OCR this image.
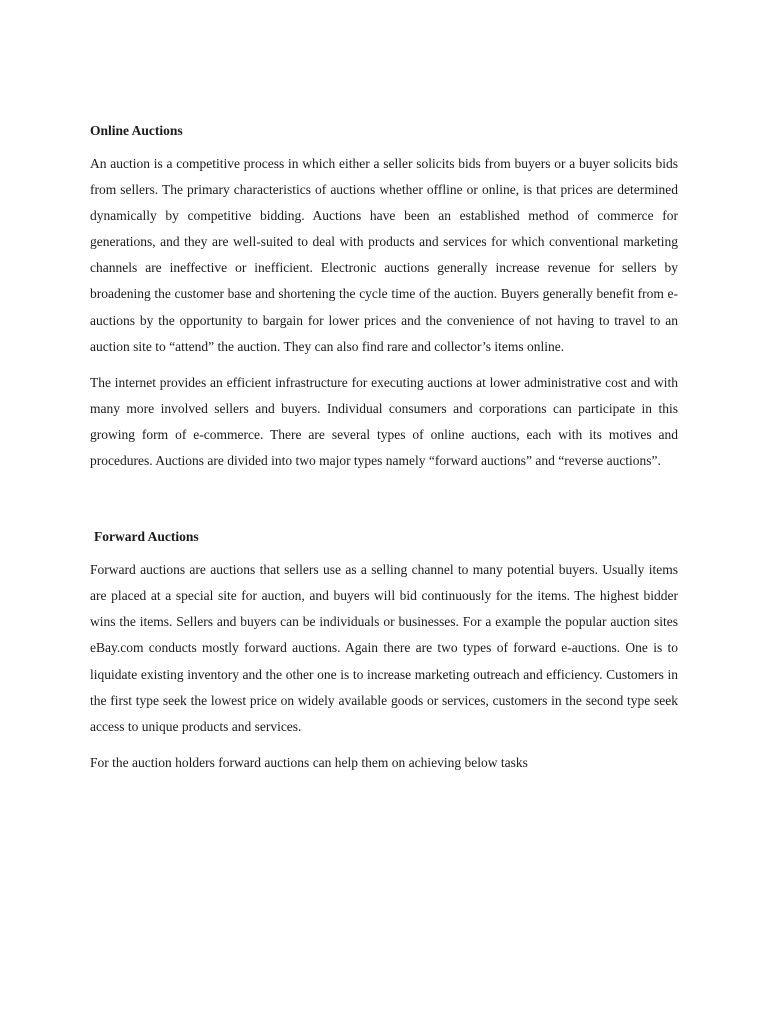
Online Auctions

An auction is a competitive process in which either a seller solicits bids from buyers or a buyer solicits bids from sellers. The primary characteristics of auctions whether offline or online, is that prices are determined dynamically by competitive bidding. Auctions have been an established method of commerce for generations, and they are well-suited to deal with products and services for which conventional marketing channels are ineffective or inefficient. Electronic auctions generally increase revenue for sellers by broadening the customer base and shortening the cycle time of the auction. Buyers generally benefit from e-auctions by the opportunity to bargain for lower prices and the convenience of not having to travel to an auction site to “attend” the auction. They can also find rare and collector’s items online.

The internet provides an efficient infrastructure for executing auctions at lower administrative cost and with many more involved sellers and buyers. Individual consumers and corporations can participate in this growing form of e-commerce. There are several types of online auctions, each with its motives and procedures. Auctions are divided into two major types namely “forward auctions” and “reverse auctions”.

Forward Auctions

Forward auctions are auctions that sellers use as a selling channel to many potential buyers. Usually items are placed at a special site for auction, and buyers will bid continuously for the items. The highest bidder wins the items. Sellers and buyers can be individuals or businesses. For a example the popular auction sites eBay.com conducts mostly forward auctions. Again there are two types of forward e-auctions. One is to liquidate existing inventory and the other one is to increase marketing outreach and efficiency. Customers in the first type seek the lowest price on widely available goods or services, customers in the second type seek access to unique products and services.

For the auction holders forward auctions can help them on achieving below tasks
